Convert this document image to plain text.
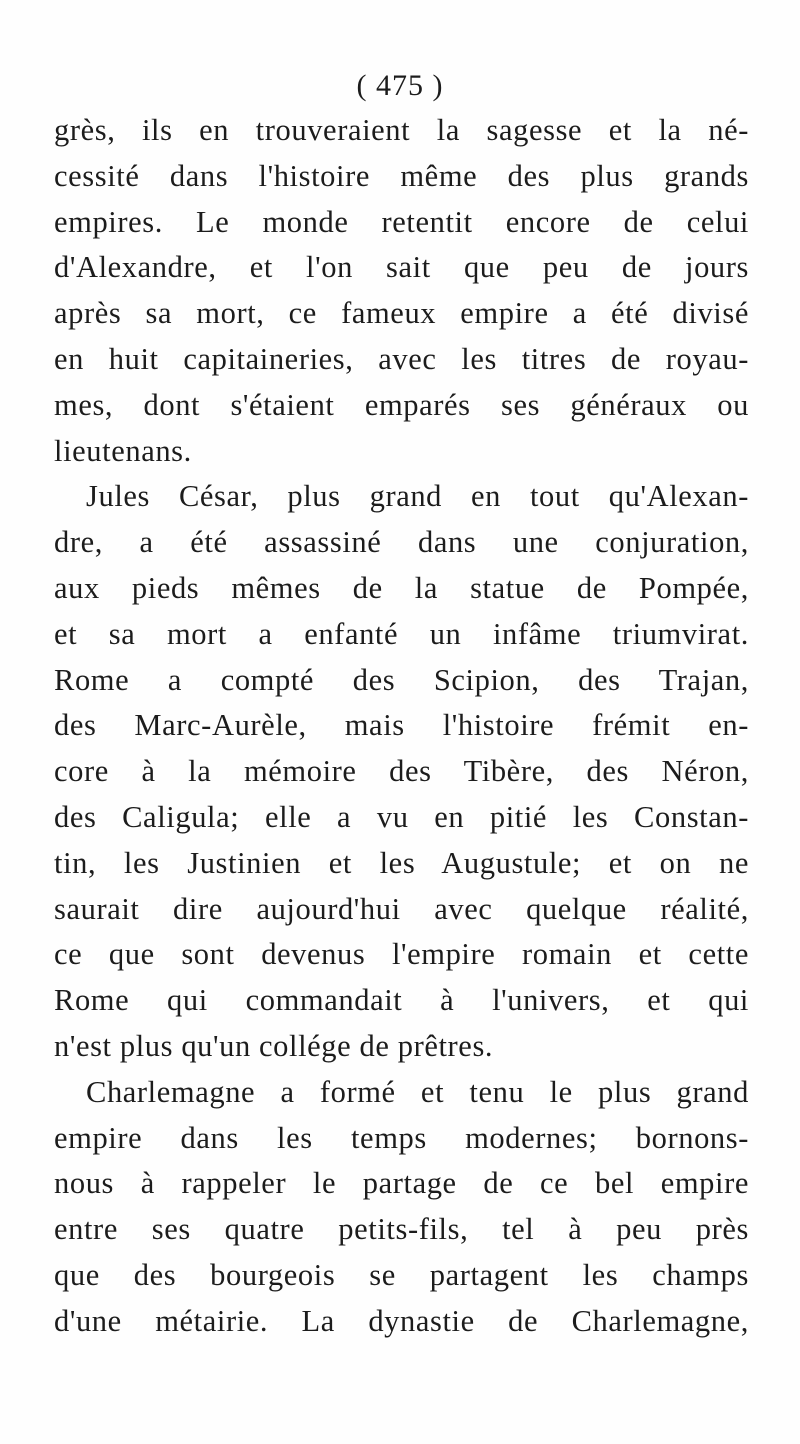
( 475 )
grès, ils en trouveraient la sagesse et la né-
cessité dans l'histoire même des plus grands
empires. Le monde retentit encore de celui
d'Alexandre, et l'on sait que peu de jours
après sa mort, ce fameux empire a été divisé
en huit capitaineries, avec les titres de royau-
mes, dont s'étaient emparés ses généraux ou
lieutenans.
Jules César, plus grand en tout qu'Alexan-
dre, a été assassiné dans une conjuration,
aux pieds mêmes de la statue de Pompée,
et sa mort a enfanté un infâme triumvirat.
Rome a compté des Scipion, des Trajan,
des Marc-Aurèle, mais l'histoire frémit en-
core à la mémoire des Tibère, des Néron,
des Caligula; elle a vu en pitié les Constan-
tin, les Justinien et les Augustule; et on ne
saurait dire aujourd'hui avec quelque réalité,
ce que sont devenus l'empire romain et cette
Rome qui commandait à l'univers, et qui
n'est plus qu'un collége de prêtres.
Charlemagne a formé et tenu le plus grand
empire dans les temps modernes; bornons-
nous à rappeler le partage de ce bel empire
entre ses quatre petits-fils, tel à peu près
que des bourgeois se partagent les champs
d'une métairie. La dynastie de Charlemagne,
